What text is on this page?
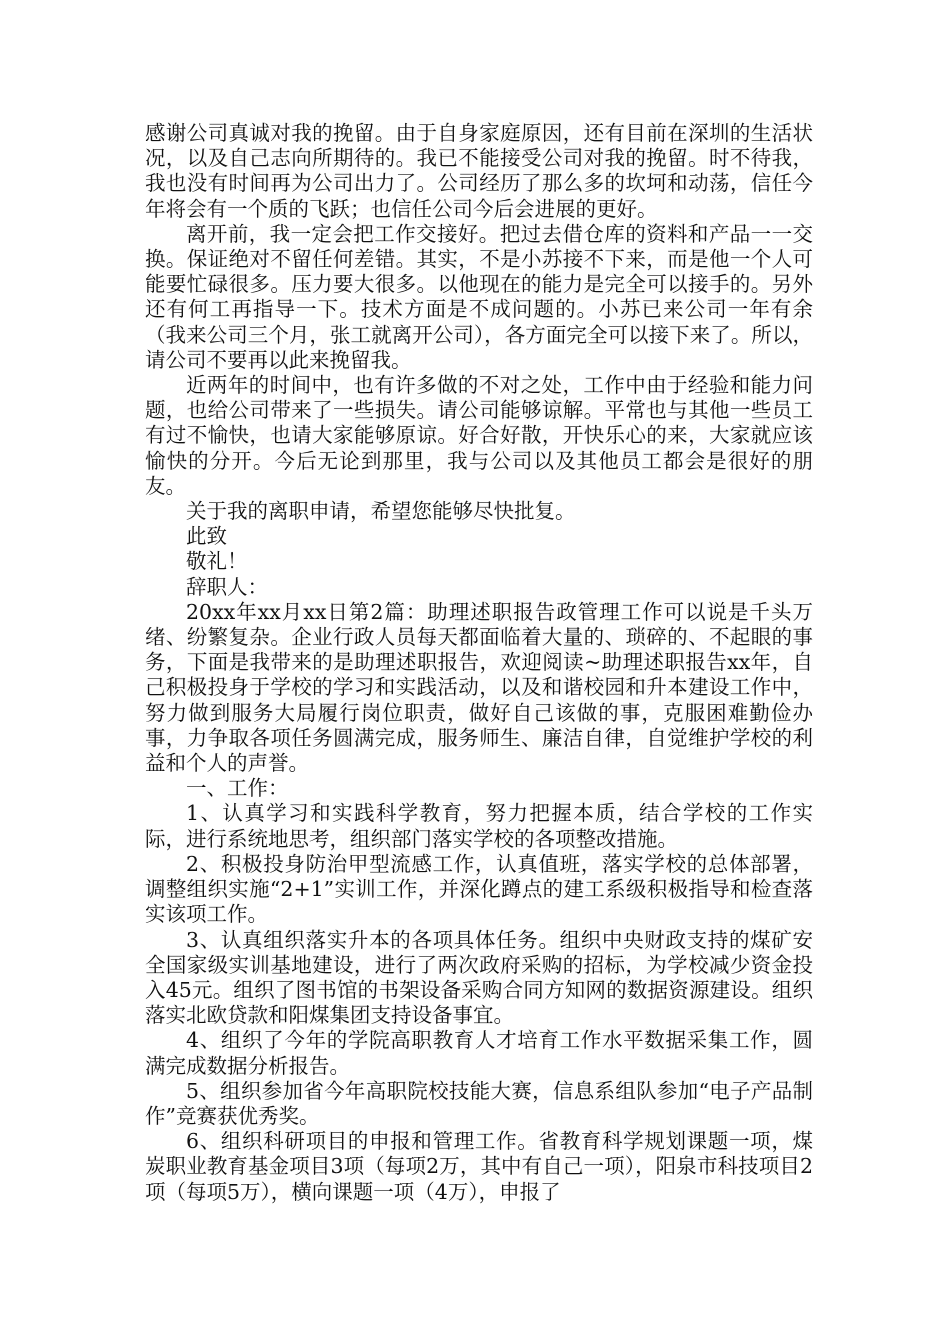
感谢公司真诚对我的挽留。由于自身家庭原因，还有目前在深圳的生活状况，以及自己志向所期待的。我已不能接受公司对我的挽留。时不待我，我也没有时间再为公司出力了。公司经历了那么多的坎坷和动荡，信任今年将会有一个质的飞跃；也信任公司今后会进展的更好。

离开前，我一定会把工作交接好。把过去借仓库的资料和产品一一交换。保证绝对不留任何差错。其实，不是小苏接不下来，而是他一个人可能要忙碌很多。压力要大很多。以他现在的能力是完全可以接手的。另外还有何工再指导一下。技术方面是不成问题的。小苏已来公司一年有余（我来公司三个月，张工就离开公司），各方面完全可以接下来了。所以，请公司不要再以此来挽留我。

近两年的时间中，也有许多做的不对之处，工作中由于经验和能力问题，也给公司带来了一些损失。请公司能够谅解。平常也与其他一些员工有过不愉快，也请大家能够原谅。好合好散，开快乐心的来，大家就应该愉快的分开。今后无论到那里，我与公司以及其他员工都会是很好的朋友。

关于我的离职申请，希望您能够尽快批复。

此致

敬礼！

辞职人：

20xx年xx月xx日第2篇：助理述职报告政管理工作可以说是千头万绪、纷繁复杂。企业行政人员每天都面临着大量的、琐碎的、不起眼的事务，下面是我带来的是助理述职报告，欢迎阅读~助理述职报告xx年，自己积极投身于学校的学习和实践活动，以及和谐校园和升本建设工作中，努力做到服务大局履行岗位职责，做好自己该做的事，克服困难勤俭办事，力争取各项任务圆满完成，服务师生、廉洁自律，自觉维护学校的利益和个人的声誉。

一、工作：

1、认真学习和实践科学教育，努力把握本质，结合学校的工作实际，进行系统地思考，组织部门落实学校的各项整改措施。

2、积极投身防治甲型流感工作，认真值班，落实学校的总体部署，调整组织实施“2+1”实训工作，并深化蹲点的建工系级积极指导和检查落实该项工作。

3、认真组织落实升本的各项具体任务。组织中央财政支持的煤矿安全国家级实训基地建设，进行了两次政府采购的招标，为学校减少资金投入45元。组织了图书馆的书架设备采购合同方知网的数据资源建设。组织落实北欧贷款和阳煤集团支持设备事宜。

4、组织了今年的学院高职教育人才培育工作水平数据采集工作，圆满完成数据分析报告。

5、组织参加省今年高职院校技能大赛，信息系组队参加“电子产品制作”竞赛获优秀奖。

6、组织科研项目的申报和管理工作。省教育科学规划课题一项，煤炭职业教育基金项目3项（每项2万，其中有自己一项），阳泉市科技项目2项（每项5万），横向课题一项（4万），申报了
